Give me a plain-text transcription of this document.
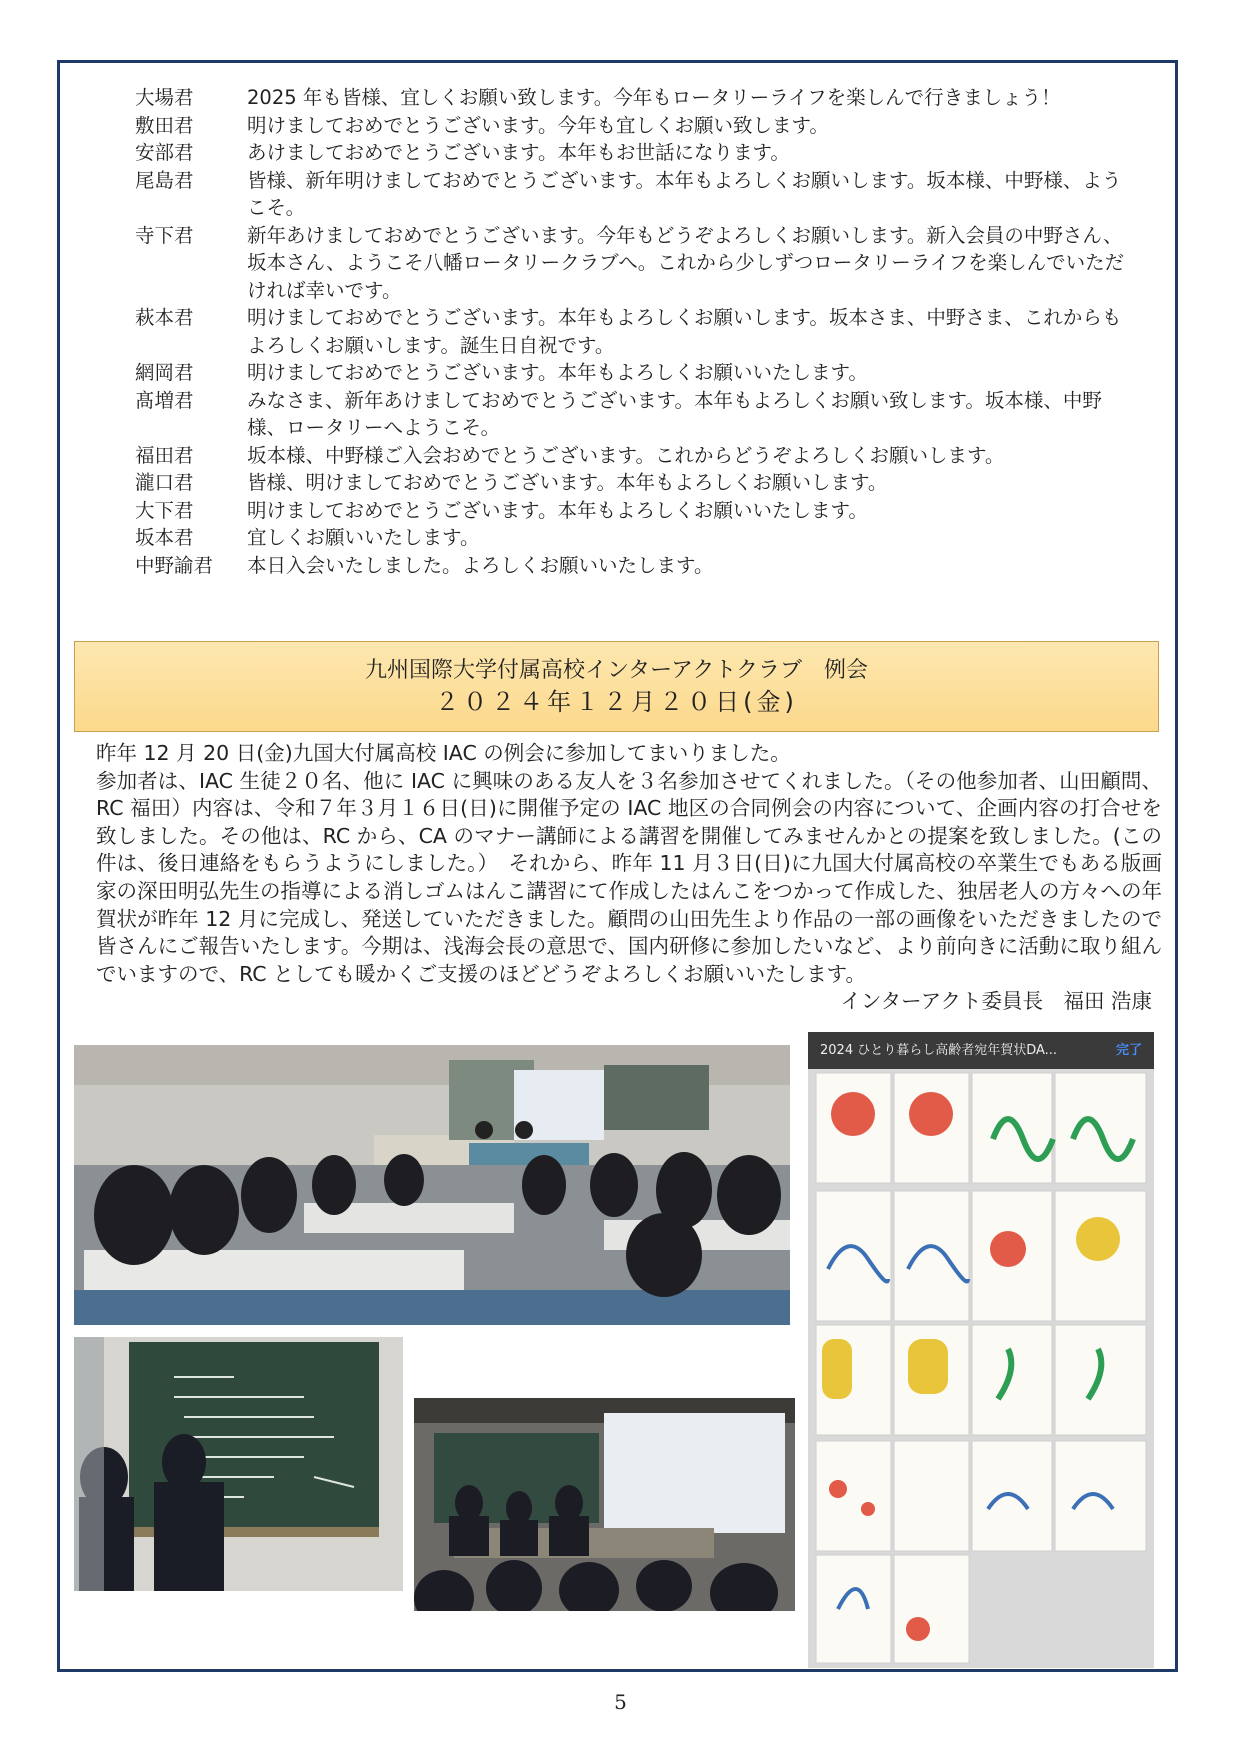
大場君	2025 年も皆様、宜しくお願い致します。今年もロータリーライフを楽しんで行きましょう！
敷田君	明けましておめでとうございます。今年も宜しくお願い致します。
安部君	あけましておめでとうございます。本年もお世話になります。
尾島君	皆様、新年明けましておめでとうございます。本年もよろしくお願いします。坂本様、中野様、ようこそ。
寺下君	新年あけましておめでとうございます。今年もどうぞよろしくお願いします。新入会員の中野さん、坂本さん、ようこそ八幡ロータリークラブへ。これから少しずつロータリーライフを楽しんでいただければ幸いです。
萩本君	明けましておめでとうございます。本年もよろしくお願いします。坂本さま、中野さま、これからもよろしくお願いします。誕生日自祝です。
網岡君	明けましておめでとうございます。本年もよろしくお願いいたします。
髙増君	みなさま、新年あけましておめでとうございます。本年もよろしくお願い致します。坂本様、中野様、ロータリーへようこそ。
福田君	坂本様、中野様ご入会おめでとうございます。これからどうぞよろしくお願いします。
瀧口君	皆様、明けましておめでとうございます。本年もよろしくお願いします。
大下君	明けましておめでとうございます。本年もよろしくお願いいたします。
坂本君	宜しくお願いいたします。
中野諭君	本日入会いたしました。よろしくお願いいたします。
九州国際大学付属高校インターアクトクラブ　例会
２０２４年１２月２０日(金)

昨年 12 月 20 日(金)九国大付属高校 IAC の例会に参加してまいりました。

参加者は、IAC 生徒２０名、他に IAC に興味のある友人を３名参加させてくれました。（その他参加者、山田顧問、RC 福田）内容は、令和７年３月１６日(日)に開催予定の IAC 地区の合同例会の内容について、企画内容の打合せを致しました。その他は、RC から、CA のマナー講師による講習を開催してみませんかとの提案を致しました。(この件は、後日連絡をもらうようにしました。）　それから、昨年 11 月３日(日)に九国大付属高校の卒業生でもある版画家の深田明弘先生の指導による消しゴムはんこ講習にて作成したはんこをつかって作成した、独居老人の方々への年賀状が昨年 12 月に完成し、発送していただきました。顧問の山田先生より作品の一部の画像をいただきましたので皆さんにご報告いたします。今期は、浅海会長の意思で、国内研修に参加したいなど、より前向きに活動に取り組んでいますので、RC としても暖かくご支援のほどどうぞよろしくお願いいたします。

インターアクト委員長　福田 浩康

2024 ひとり暮らし高齢者宛年賀状DA...	完了
5
